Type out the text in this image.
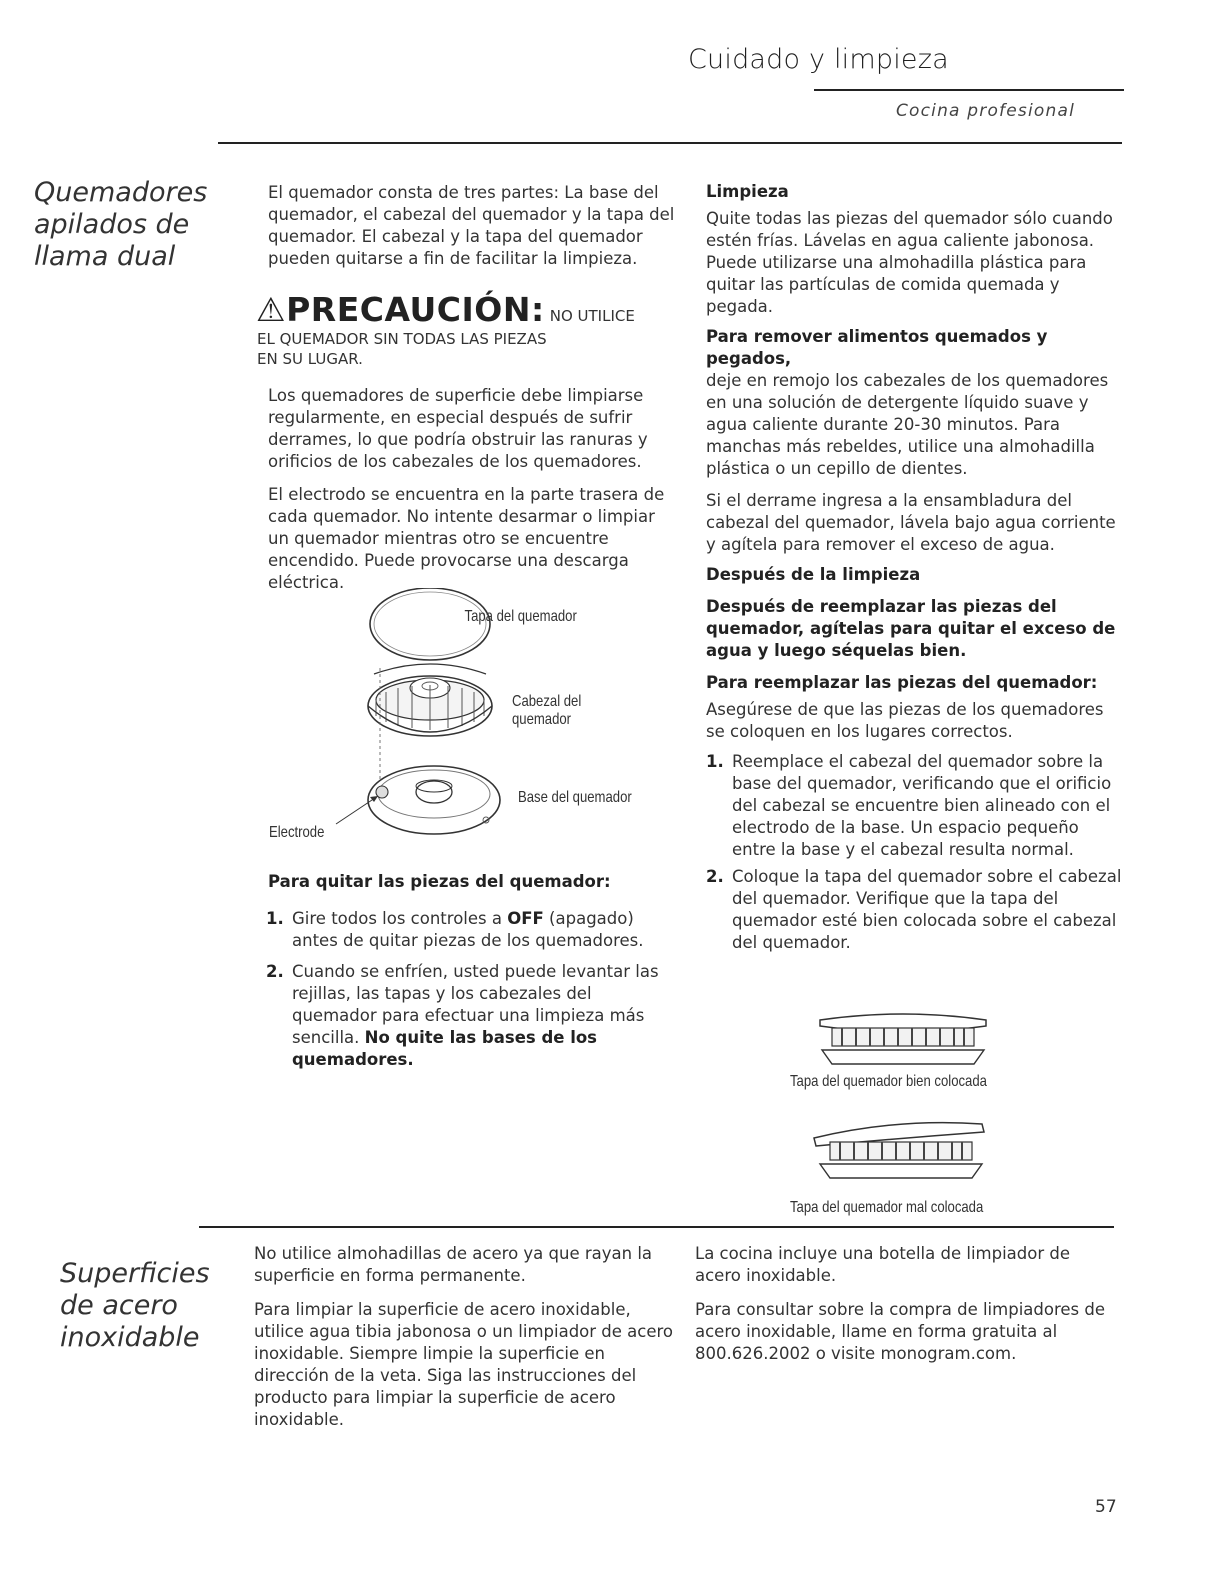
Cuidado y limpieza
Cocina profesional
Quemadores
apilados de
llama dual

El quemador consta de tres partes: La base del quemador, el cabezal del quemador y la tapa del quemador. El cabezal y la tapa del quemador pueden quitarse a fin de facilitar la limpieza.

⚠PRECAUCIÓN: NO UTILICE
EL QUEMADOR SIN TODAS LAS PIEZAS
EN SU LUGAR.

Los quemadores de superficie debe limpiarse regularmente, en especial después de sufrir derrames, lo que podría obstruir las ranuras y orificios de los cabezales de los quemadores.

El electrodo se encuentra en la parte trasera de cada quemador. No intente desarmar o limpiar un quemador mientras otro se encuentre encendido. Puede provocarse una descarga eléctrica.

Tapa del quemador
Cabezal del
quemador
Base del quemador
Electrode
Para quitar las piezas del quemador:
1. Gire todos los controles a OFF (apagado) antes de quitar piezas de los quemadores.
2. Cuando se enfríen, usted puede levantar las rejillas, las tapas y los cabezales del quemador para efectuar una limpieza más sencilla. No quite las bases de los quemadores.
Limpieza

Quite todas las piezas del quemador sólo cuando estén frías. Lávelas en agua caliente jabonosa. Puede utilizarse una almohadilla plástica para quitar las partículas de comida quemada y pegada.

Para remover alimentos quemados y pegados,

deje en remojo los cabezales de los quemadores en una solución de detergente líquido suave y agua caliente durante 20-30 minutos. Para manchas más rebeldes, utilice una almohadilla plástica o un cepillo de dientes.

Si el derrame ingresa a la ensambladura del cabezal del quemador, lávela bajo agua corriente y agítela para remover el exceso de agua.

Después de la limpieza

Después de reemplazar las piezas del quemador, agítelas para quitar el exceso de agua y luego séquelas bien.

Para reemplazar las piezas del quemador:

Asegúrese de que las piezas de los quemadores se coloquen en los lugares correctos.

1. Reemplace el cabezal del quemador sobre la base del quemador, verificando que el orificio del cabezal se encuentre bien alineado con el electrodo de la base. Un espacio pequeño entre la base y el cabezal resulta normal.
2. Coloque la tapa del quemador sobre el cabezal del quemador. Verifique que la tapa del quemador esté bien colocada sobre el cabezal del quemador.
Tapa del quemador bien colocada
Tapa del quemador mal colocada
Superficies
de acero
inoxidable

No utilice almohadillas de acero ya que rayan la superficie en forma permanente.

Para limpiar la superficie de acero inoxidable, utilice agua tibia jabonosa o un limpiador de acero inoxidable. Siempre limpie la superficie en dirección de la veta. Siga las instrucciones del producto para limpiar la superficie de acero inoxidable.

La cocina incluye una botella de limpiador de acero inoxidable.

Para consultar sobre la compra de limpiadores de acero inoxidable, llame en forma gratuita al 800.626.2002 o visite monogram.com.

57
